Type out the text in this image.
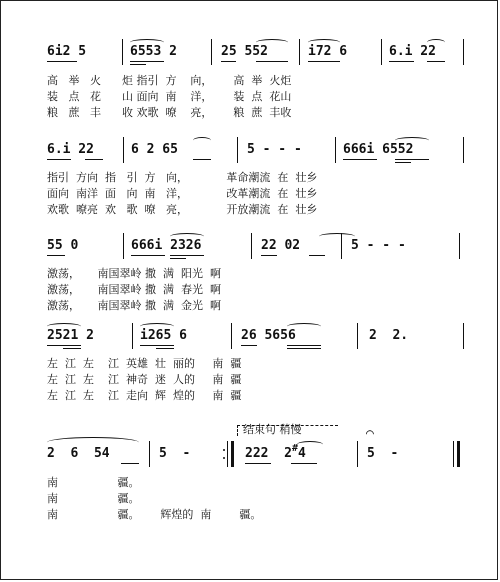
6i2 5	6553 2	25 552	i72 6	6.i 22
高   举   火      炬 指引  方    向，      高  举  火炬
装   点   花      山 面向  南    洋，      装  点  花山
粮   蔗   丰      收 欢歌  嘹    亮，      粮  蔗  丰收
6.i 22	6 2 65	5 - - -	666i 6552
指引  方向  指   引  方   向，           革命潮流  在  壮乡
面向  南洋  面   向  南   洋，           改革潮流  在  壮乡
欢歌  嘹亮  欢   歌  嘹   亮，           开放潮流  在  壮乡
55 0	666i 2326	22 02	5 - - -
激荡，     南国翠岭 撒  满  阳光  啊
激荡，     南国翠岭 撒  满  春光  啊
激荡，     南国翠岭 撒  满  金光  啊
2521 2	i265 6	26 5656	2  2.
左  江  左    江  英雄  壮  丽的     南  疆
左  江  左    江  神奇  迷  人的     南  疆
左  江  左    江  走向  辉  煌的     南  疆
结束句 稍慢	⌒
2  6  54	5  -	222  2#4	5  -
南                 疆。
南                 疆。
南                 疆。      辉煌的  南        疆。
